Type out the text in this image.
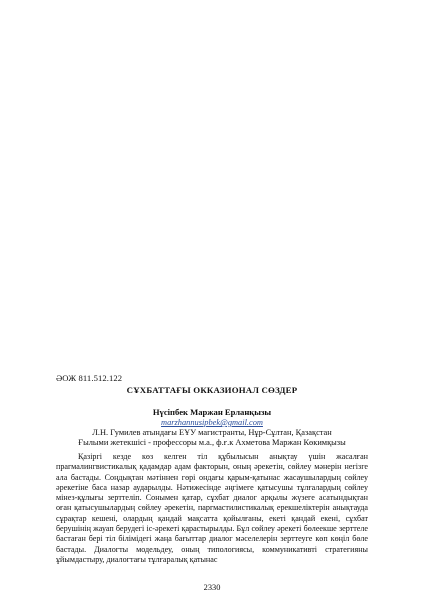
ӘОЖ 811.512.122
СҰХБАТТАҒЫ ОККАЗИОНАЛ СӨЗДЕР
Нүсіпбек Маржан Ерланқызы
marzhannusipbek@gmail.com
Л.Н. Гумилев атындағы ЕҰУ магистранты, Нұр-Сұлтан, Қазақстан
Ғылыми жетекшісі - профессоры м.а., ф.ғ.к Ахметова Маржан Көкимқызы

Қазіргі кезде көз келген тіл құбылысын анықтау үшін жасалған прагмалингвистикалық қадамдар адам факторын, оның әрекетін, сөйлеу мәнерін негізге ала бастады. Соңдықтан мәтіннен гөрі ондағы қарым-қатынас жасаушылардың сөйлеу әрекетіне баса назар аударылды. Нәтижесінде әңгімеге қатысушы тұлғалардың сөйлеу мінез-құлығы зерттеліп. Сонымен қатар, сұхбат диалог арқылы жүзеге асатындықтан оған қатысушылардың сөйлеу әрекетін, паргмастилистикалық ерекшеліктерін анықтауда сұрақтар кешені, олардың қандай мақсатта қойылғаны, екеті қандай екені, сұхбат берушінің жауап берудегі іс-әрекеті қарастырылды. Бұл сөйлеу әрекеті бөлеекше зерттеле бастаған бері тіл білімідегі жаңа бағыттар диалог мәселелерін зерттеуге көп көңіл бөле бастады. Диалогты модельдеу, оның типологиясы, коммуникативті стратегияны ұйымдастыру, диалогтағы тұлғаралық қатынас

2330
